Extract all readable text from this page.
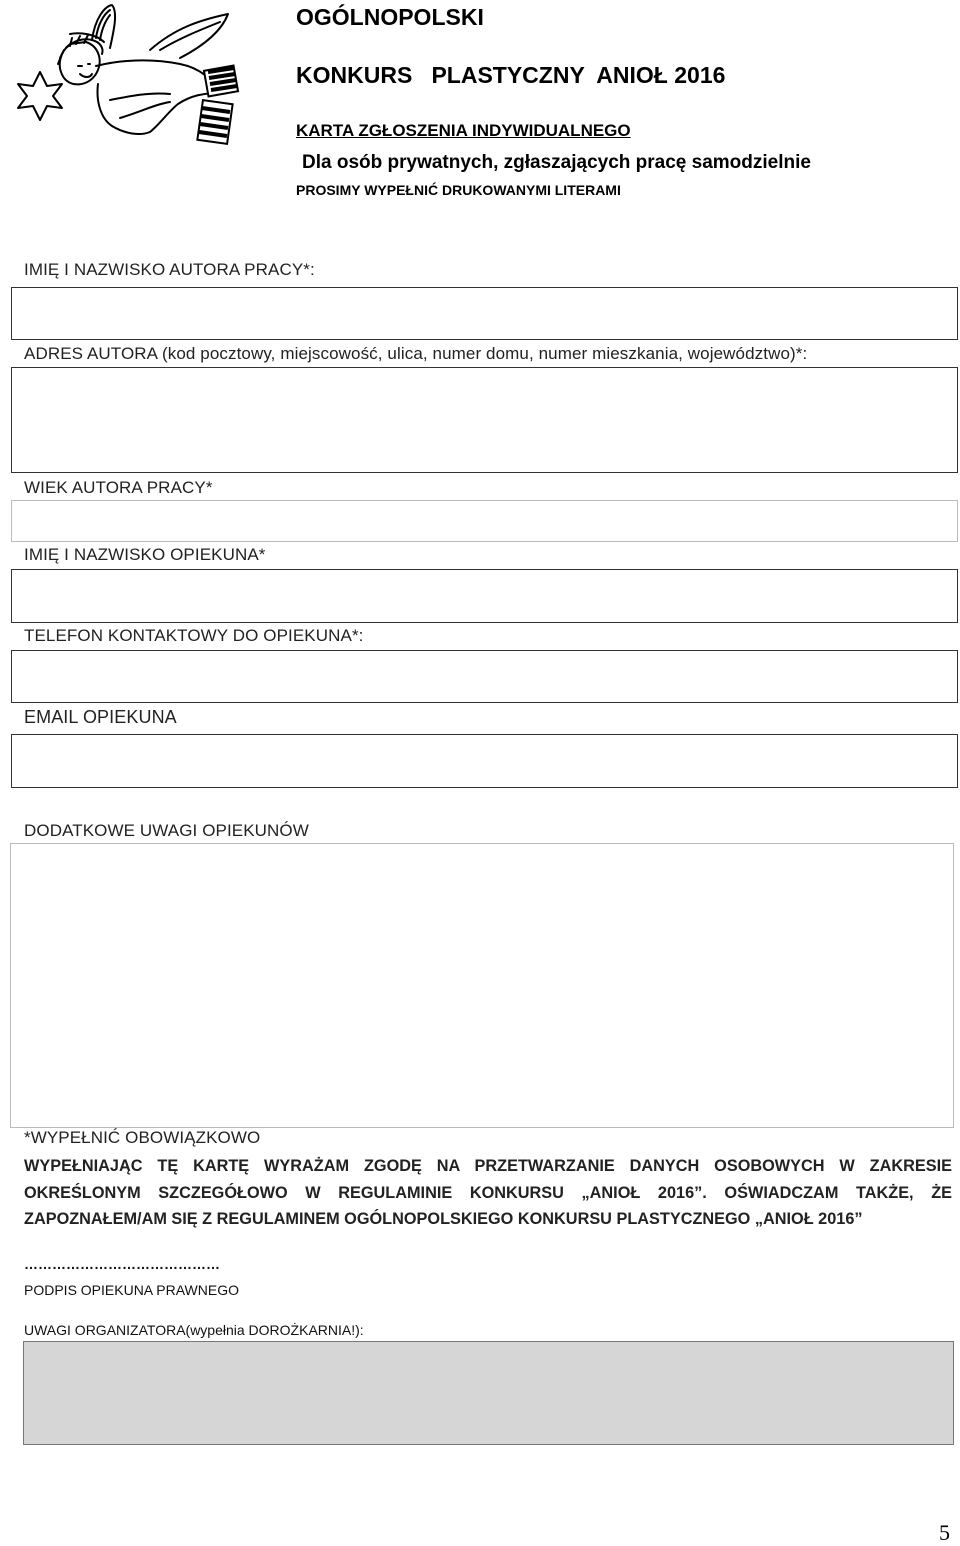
OGÓLNOPOLSKI
KONKURS   PLASTYCZNY  ANIOŁ 2016
KARTA ZGŁOSZENIA INDYWIDUALNEGO
Dla osób prywatnych, zgłaszających pracę samodzielnie
PROSIMY WYPEŁNIĆ DRUKOWANYMI LITERAMI
IMIĘ I NAZWISKO AUTORA PRACY*:
ADRES AUTORA (kod pocztowy, miejscowość, ulica, numer domu, numer mieszkania, województwo)*:
WIEK AUTORA PRACY*
IMIĘ I NAZWISKO OPIEKUNA*
TELEFON KONTAKTOWY DO OPIEKUNA*:
EMAIL OPIEKUNA
DODATKOWE UWAGI OPIEKUNÓW
*WYPEŁNIĆ OBOWIĄZKOWO
WYPEŁNIAJĄC TĘ KARTĘ WYRAŻAM ZGODĘ NA PRZETWARZANIE DANYCH OSOBOWYCH W ZAKRESIE OKREŚLONYM SZCZEGÓŁOWO W REGULAMINIE KONKURSU „ANIOŁ 2016”. OŚWIADCZAM TAKŻE, ŻE ZAPOZNAŁEM/AM SIĘ Z REGULAMINEM OGÓLNOPOLSKIEGO KONKURSU PLASTYCZNEGO „ANIOŁ 2016”
……………………………………
PODPIS OPIEKUNA PRAWNEGO
UWAGI ORGANIZATORA(wypełnia DOROŻKARNIA!):
5
